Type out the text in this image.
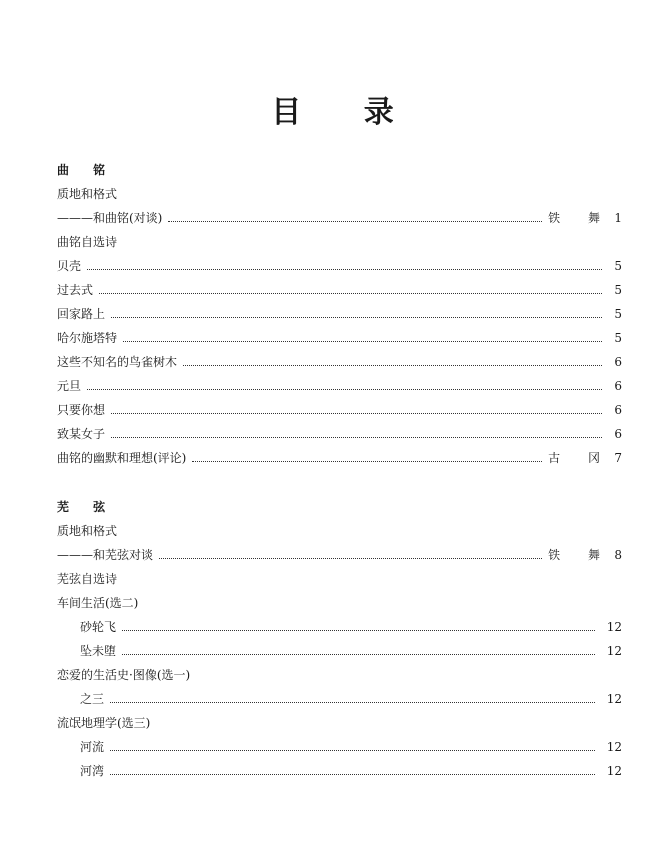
目 录
曲 铭
质地和格式
———和曲铭(对谈)	铁 舞 1
曲铭自选诗
贝壳	5
过去式	5
回家路上	5
哈尔施塔特	5
这些不知名的鸟雀树木	6
元旦	6
只要你想	6
致某女子	6
曲铭的幽默和理想(评论)	古 冈 7
芜 弦
质地和格式
———和芜弦对谈	铁 舞 8
芜弦自选诗
车间生活(选二)
砂轮飞	12
坠未堕	12
恋爱的生活史·图像(选一)
之三	12
流氓地理学(选三)
河流	12
河湾	12
